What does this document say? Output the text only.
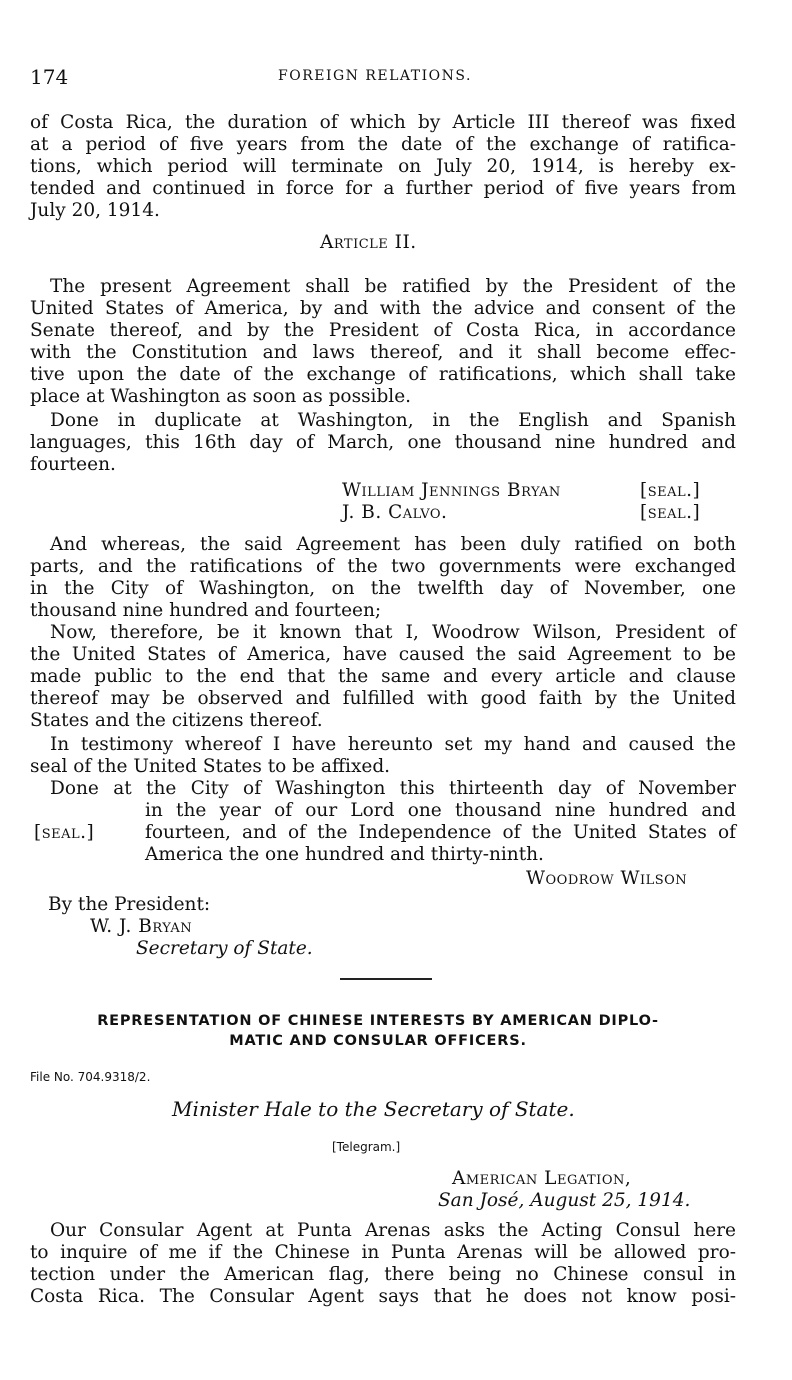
174	FOREIGN RELATIONS.
of Costa Rica, the duration of which by Article III thereof was fixed
at a period of five years from the date of the exchange of ratifica-
tions, which period will terminate on July 20, 1914, is hereby ex-
tended and continued in force for a further period of five years from
July 20, 1914.
Article II.
The present Agreement shall be ratified by the President of the
United States of America, by and with the advice and consent of the
Senate thereof, and by the President of Costa Rica, in accordance
with the Constitution and laws thereof, and it shall become effec-
tive upon the date of the exchange of ratifications, which shall take
place at Washington as soon as possible.
Done in duplicate at Washington, in the English and Spanish
languages, this 16th day of March, one thousand nine hundred and
fourteen.
William Jennings Bryan	[seal.]
J. B. Calvo.	[seal.]
And whereas, the said Agreement has been duly ratified on both
parts, and the ratifications of the two governments were exchanged
in the City of Washington, on the twelfth day of November, one
thousand nine hundred and fourteen;
Now, therefore, be it known that I, Woodrow Wilson, President of
the United States of America, have caused the said Agreement to be
made public to the end that the same and every article and clause
thereof may be observed and fulfilled with good faith by the United
States and the citizens thereof.
In testimony whereof I have hereunto set my hand and caused the
seal of the United States to be affixed.
Done at the City of Washington this thirteenth day of November
in the year of our Lord one thousand nine hundred and
[seal.]	fourteen, and of the Independence of the United States of
America the one hundred and thirty-ninth.
Woodrow Wilson
By the President:
W. J. Bryan
Secretary of State.
REPRESENTATION OF CHINESE INTERESTS BY AMERICAN DIPLO-
MATIC AND CONSULAR OFFICERS.
File No. 704.9318/2.
Minister Hale to the Secretary of State.
[Telegram.]
American Legation,
San José, August 25, 1914.
Our Consular Agent at Punta Arenas asks the Acting Consul here
to inquire of me if the Chinese in Punta Arenas will be allowed pro-
tection under the American flag, there being no Chinese consul in
Costa Rica. The Consular Agent says that he does not know posi-
